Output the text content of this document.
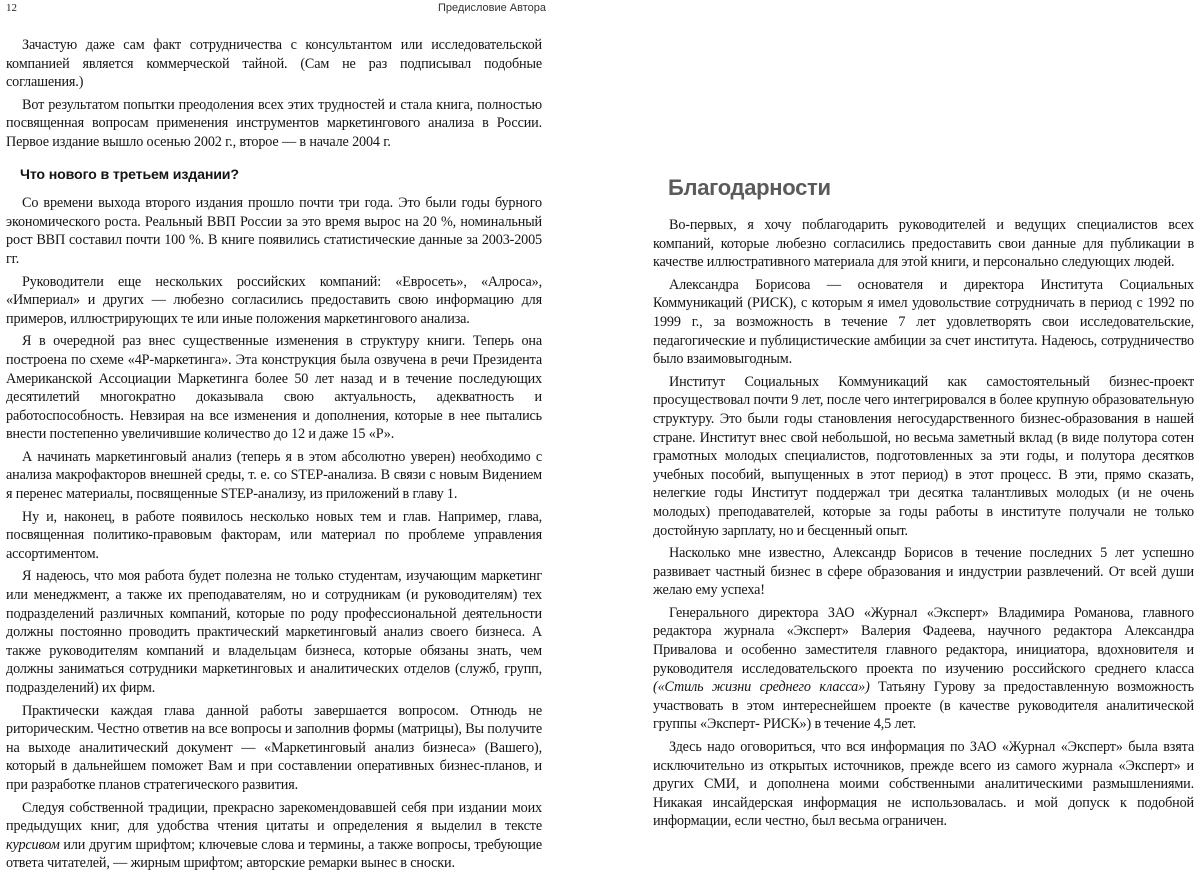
12	Предисловие Автора

Зачастую даже сам факт сотрудничества с консультантом или исследовательской компанией является коммерческой тайной. (Сам не раз подписывал подобные соглашения.)

Вот результатом попытки преодоления всех этих трудностей и стала книга, полностью посвященная вопросам применения инструментов маркетингового анализа в России. Первое издание вышло осенью 2002 г., второе — в начале 2004 г.

Что нового в третьем издании?

Со времени выхода второго издания прошло почти три года. Это были годы бурного экономического роста. Реальный ВВП России за это время вырос на 20 %, номинальный рост ВВП составил почти 100 %. В книге появились статистические данные за 2003-2005 гг.

Руководители еще нескольких российских компаний: «Евросеть», «Алроса», «Империал» и других — любезно согласились предоставить свою информацию для примеров, иллюстрирующих те или иные положения маркетингового анализа.

Я в очередной раз внес существенные изменения в структуру книги. Теперь она построена по схеме «4Р-маркетинга». Эта конструкция была озвучена в речи Президента Американской Ассоциации Маркетинга более 50 лет назад и в течение последующих десятилетий многократно доказывала свою актуальность, адекватность и работоспособность. Невзирая на все изменения и дополнения, которые в нее пытались внести постепенно увеличившие количество до 12 и даже 15 «Р».

А начинать маркетинговый анализ (теперь я в этом абсолютно уверен) необходимо с анализа макрофакторов внешней среды, т. е. со STEP-анализа. В связи с новым Видением я перенес материалы, посвященные STEP-анализу, из приложений в главу 1.

Ну и, наконец, в работе появилось несколько новых тем и глав. Например, глава, посвященная политико-правовым факторам, или материал по проблеме управления ассортиментом.

Я надеюсь, что моя работа будет полезна не только студентам, изучающим маркетинг или менеджмент, а также их преподавателям, но и сотрудникам (и руководителям) тех подразделений различных компаний, которые по роду профессиональной деятельности должны постоянно проводить практический маркетинговый анализ своего бизнеса. А также руководителям компаний и владельцам бизнеса, которые обязаны знать, чем должны заниматься сотрудники маркетинговых и аналитических отделов (служб, групп, подразделений) их фирм.

Практически каждая глава данной работы завершается вопросом. Отнюдь не риторическим. Честно ответив на все вопросы и заполнив формы (матрицы), Вы получите на выходе аналитический документ — «Маркетинговый анализ бизнеса» (Вашего), который в дальнейшем поможет Вам и при составлении оперативных бизнес-планов, и при разработке планов стратегического развития.

Следуя собственной традиции, прекрасно зарекомендовавшей себя при издании моих предыдущих книг, для удобства чтения цитаты и определения я выделил в тексте курсивом или другим шрифтом; ключевые слова и термины, а также вопросы, требующие ответа читателей, — жирным шрифтом; авторские ремарки вынес в сноски.

Благодарности

Во-первых, я хочу поблагодарить руководителей и ведущих специалистов всех компаний, которые любезно согласились предоставить свои данные для публикации в качестве иллюстративного материала для этой книги, и персонально следующих людей.

Александра Борисова — основателя и директора Института Социальных Коммуникаций (РИСК), с которым я имел удовольствие сотрудничать в период с 1992 по 1999 г., за возможность в течение 7 лет удовлетворять свои исследовательские, педагогические и публицистические амбиции за счет института. Надеюсь, сотрудничество было взаимовыгодным.

Институт Социальных Коммуникаций как самостоятельный бизнес-проект просуществовал почти 9 лет, после чего интегрировался в более крупную образовательную структуру. Это были годы становления негосударственного бизнес-образования в нашей стране. Институт внес свой небольшой, но весьма заметный вклад (в виде полутора сотен грамотных молодых специалистов, подготовленных за эти годы, и полутора десятков учебных пособий, выпущенных в этот период) в этот процесс. В эти, прямо сказать, нелегкие годы Институт поддержал три десятка талантливых молодых (и не очень молодых) преподавателей, которые за годы работы в институте получали не только достойную зарплату, но и бесценный опыт.

Насколько мне известно, Александр Борисов в течение последних 5 лет успешно развивает частный бизнес в сфере образования и индустрии развлечений. От всей души желаю ему успеха!

Генерального директора ЗАО «Журнал «Эксперт» Владимира Романова, главного редактора журнала «Эксперт» Валерия Фадеева, научного редактора Александра Привалова и особенно заместителя главного редактора, инициатора, вдохновителя и руководителя исследовательского проекта по изучению российского среднего класса («Стиль жизни среднего класса») Татьяну Гурову за предоставленную возможность участвовать в этом интереснейшем проекте (в качестве руководителя аналитической группы «Эксперт- РИСК») в течение 4,5 лет.

Здесь надо оговориться, что вся информация по ЗАО «Журнал «Эксперт» была взята исключительно из открытых источников, прежде всего из самого журнала «Эксперт» и других СМИ, и дополнена моими собственными аналитическими размышлениями. Никакая инсайдерская информация не использовалась. и мой допуск к подобной информации, если честно, был весьма ограничен.
